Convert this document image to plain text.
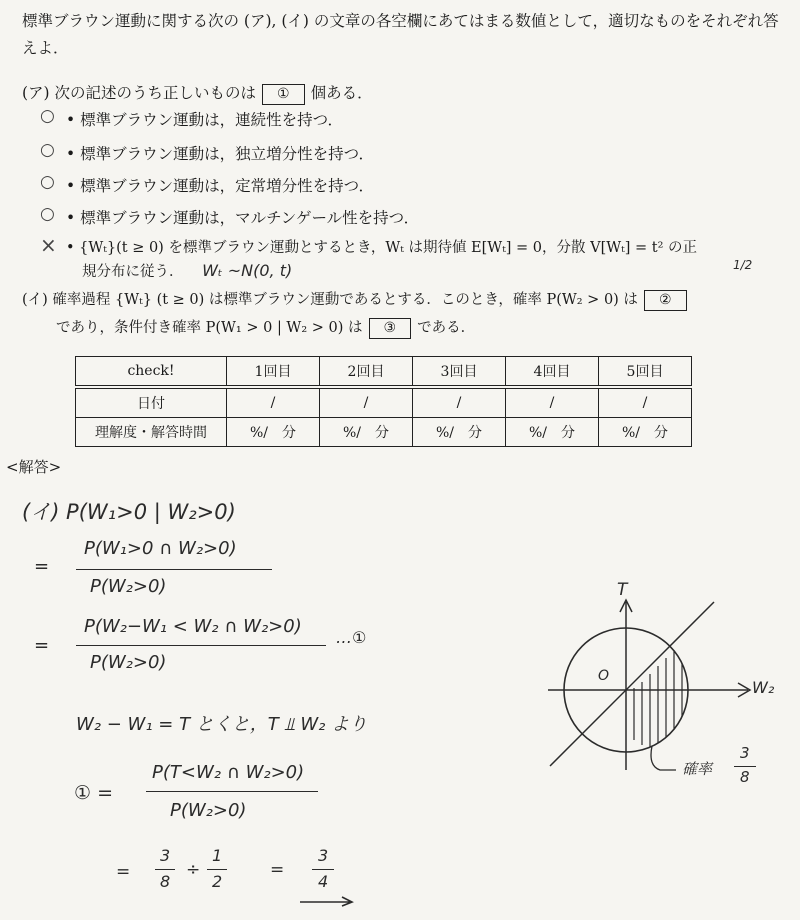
標準ブラウン運動に関する次の (ア), (イ) の文章の各空欄にあてはまる数値として，適切なものをそれぞれ答えよ．
(ア) 次の記述のうち正しいものは ① 個ある．
○ • 標準ブラウン運動は，連続性を持つ．
○ • 標準ブラウン運動は，独立増分性を持つ．
○ • 標準ブラウン運動は，定常増分性を持つ．
○ • 標準ブラウン運動は，マルチンゲール性を持つ．
× • {Wₜ}(t ≥ 0) を標準ブラウン運動とするとき，Wₜ は期待値 E[Wₜ] = 0，分散 V[Wₜ] = t² の正
規分布に従う． Wₜ ~N(0, t)	1/2
(イ) 確率過程 {Wₜ} (t ≥ 0) は標準ブラウン運動であるとする．このとき，確率 P(W₂ > 0) は ②
であり，条件付き確率 P(W₁ > 0 | W₂ > 0) は ③ である．
check!	1回目	2回目	3回目	4回目	5回目

日付	/	/	/	/	/
理解度・解答時間	%/　分	%/　分	%/　分	%/　分	%/　分
<解答>
(イ) P(W₁>0 | W₂>0)
=
P(W₁>0 ∩ W₂>0)
P(W₂>0)
=
P(W₂−W₁ < W₂ ∩ W₂>0)
P(W₂>0)
…①
W₂ − W₁ = T とくと，T ⫫ W₂ より
① =
P(T<W₂ ∩ W₂>0)
P(W₂>0)
=
3
8
÷
1
2
=
3
4
T
W₂
O
確率
3
8
